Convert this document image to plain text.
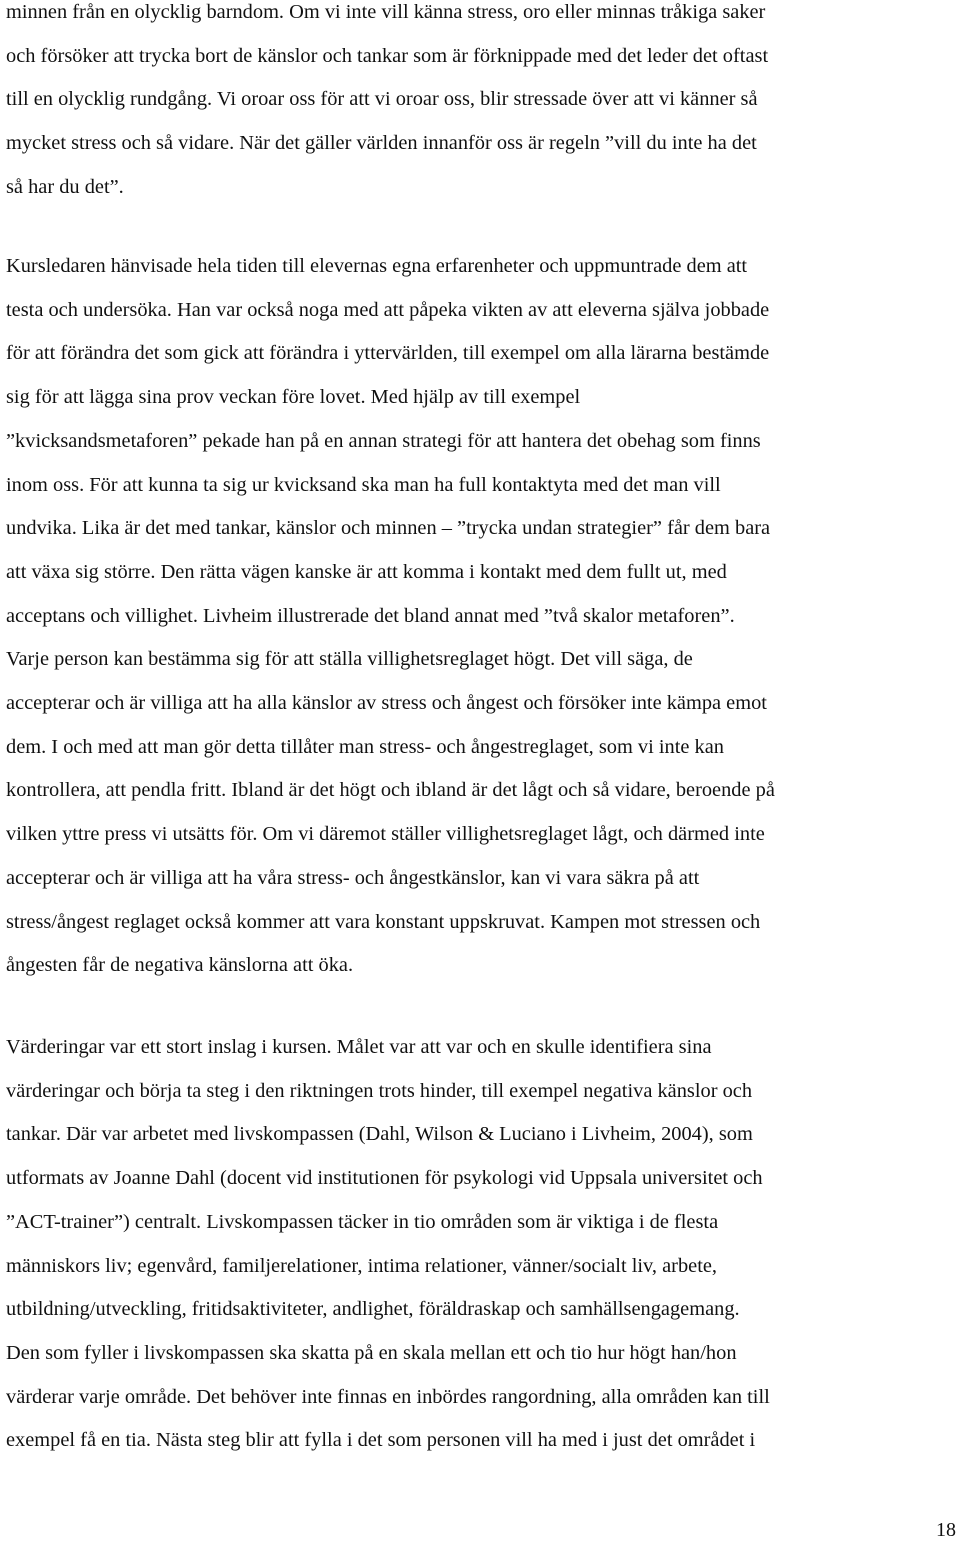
minnen från en olycklig barndom. Om vi inte vill känna stress, oro eller minnas tråkiga saker
och försöker att trycka bort de känslor och tankar som är förknippade med det leder det oftast
till en olycklig rundgång. Vi oroar oss för att vi oroar oss, blir stressade över att vi känner så
mycket stress och så vidare. När det gäller världen innanför oss är regeln ”vill du inte ha det
så har du det”.
Kursledaren hänvisade hela tiden till elevernas egna erfarenheter och uppmuntrade dem att
testa och undersöka. Han var också noga med att påpeka vikten av att eleverna själva jobbade
för att förändra det som gick att förändra i yttervärlden, till exempel om alla lärarna bestämde
sig för att lägga sina prov veckan före lovet. Med hjälp av till exempel
”kvicksandsmetaforen” pekade han på en annan strategi för att hantera det obehag som finns
inom oss. För att kunna ta sig ur kvicksand ska man ha full kontaktyta med det man vill
undvika. Lika är det med tankar, känslor och minnen – ”trycka undan strategier” får dem bara
att växa sig större. Den rätta vägen kanske är att komma i kontakt med dem fullt ut, med
acceptans och villighet. Livheim illustrerade det bland annat med ”två skalor metaforen”.
Varje person kan bestämma sig för att ställa villighetsreglaget högt. Det vill säga, de
accepterar och är villiga att ha alla känslor av stress och ångest och försöker inte kämpa emot
dem. I och med att man gör detta tillåter man stress- och ångestreglaget, som vi inte kan
kontrollera, att pendla fritt. Ibland är det högt och ibland är det lågt och så vidare, beroende på
vilken yttre press vi utsätts för. Om vi däremot ställer villighetsreglaget lågt, och därmed inte
accepterar och är villiga att ha våra stress- och ångestkänslor, kan vi vara säkra på att
stress/ångest reglaget också kommer att vara konstant uppskruvat. Kampen mot stressen och
ångesten får de negativa känslorna att öka.
Värderingar var ett stort inslag i kursen. Målet var att var och en skulle identifiera sina
värderingar och börja ta steg i den riktningen trots hinder, till exempel negativa känslor och
tankar. Där var arbetet med livskompassen (Dahl, Wilson & Luciano i Livheim, 2004), som
utformats av Joanne Dahl (docent vid institutionen för psykologi vid Uppsala universitet och
”ACT-trainer”) centralt. Livskompassen täcker in tio områden som är viktiga i de flesta
människors liv; egenvård, familjerelationer, intima relationer, vänner/socialt liv, arbete,
utbildning/utveckling, fritidsaktiviteter, andlighet, föräldraskap och samhällsengagemang.
Den som fyller i livskompassen ska skatta på en skala mellan ett och tio hur högt han/hon
värderar varje område. Det behöver inte finnas en inbördes rangordning, alla områden kan till
exempel få en tia. Nästa steg blir att fylla i det som personen vill ha med i just det området i
18
